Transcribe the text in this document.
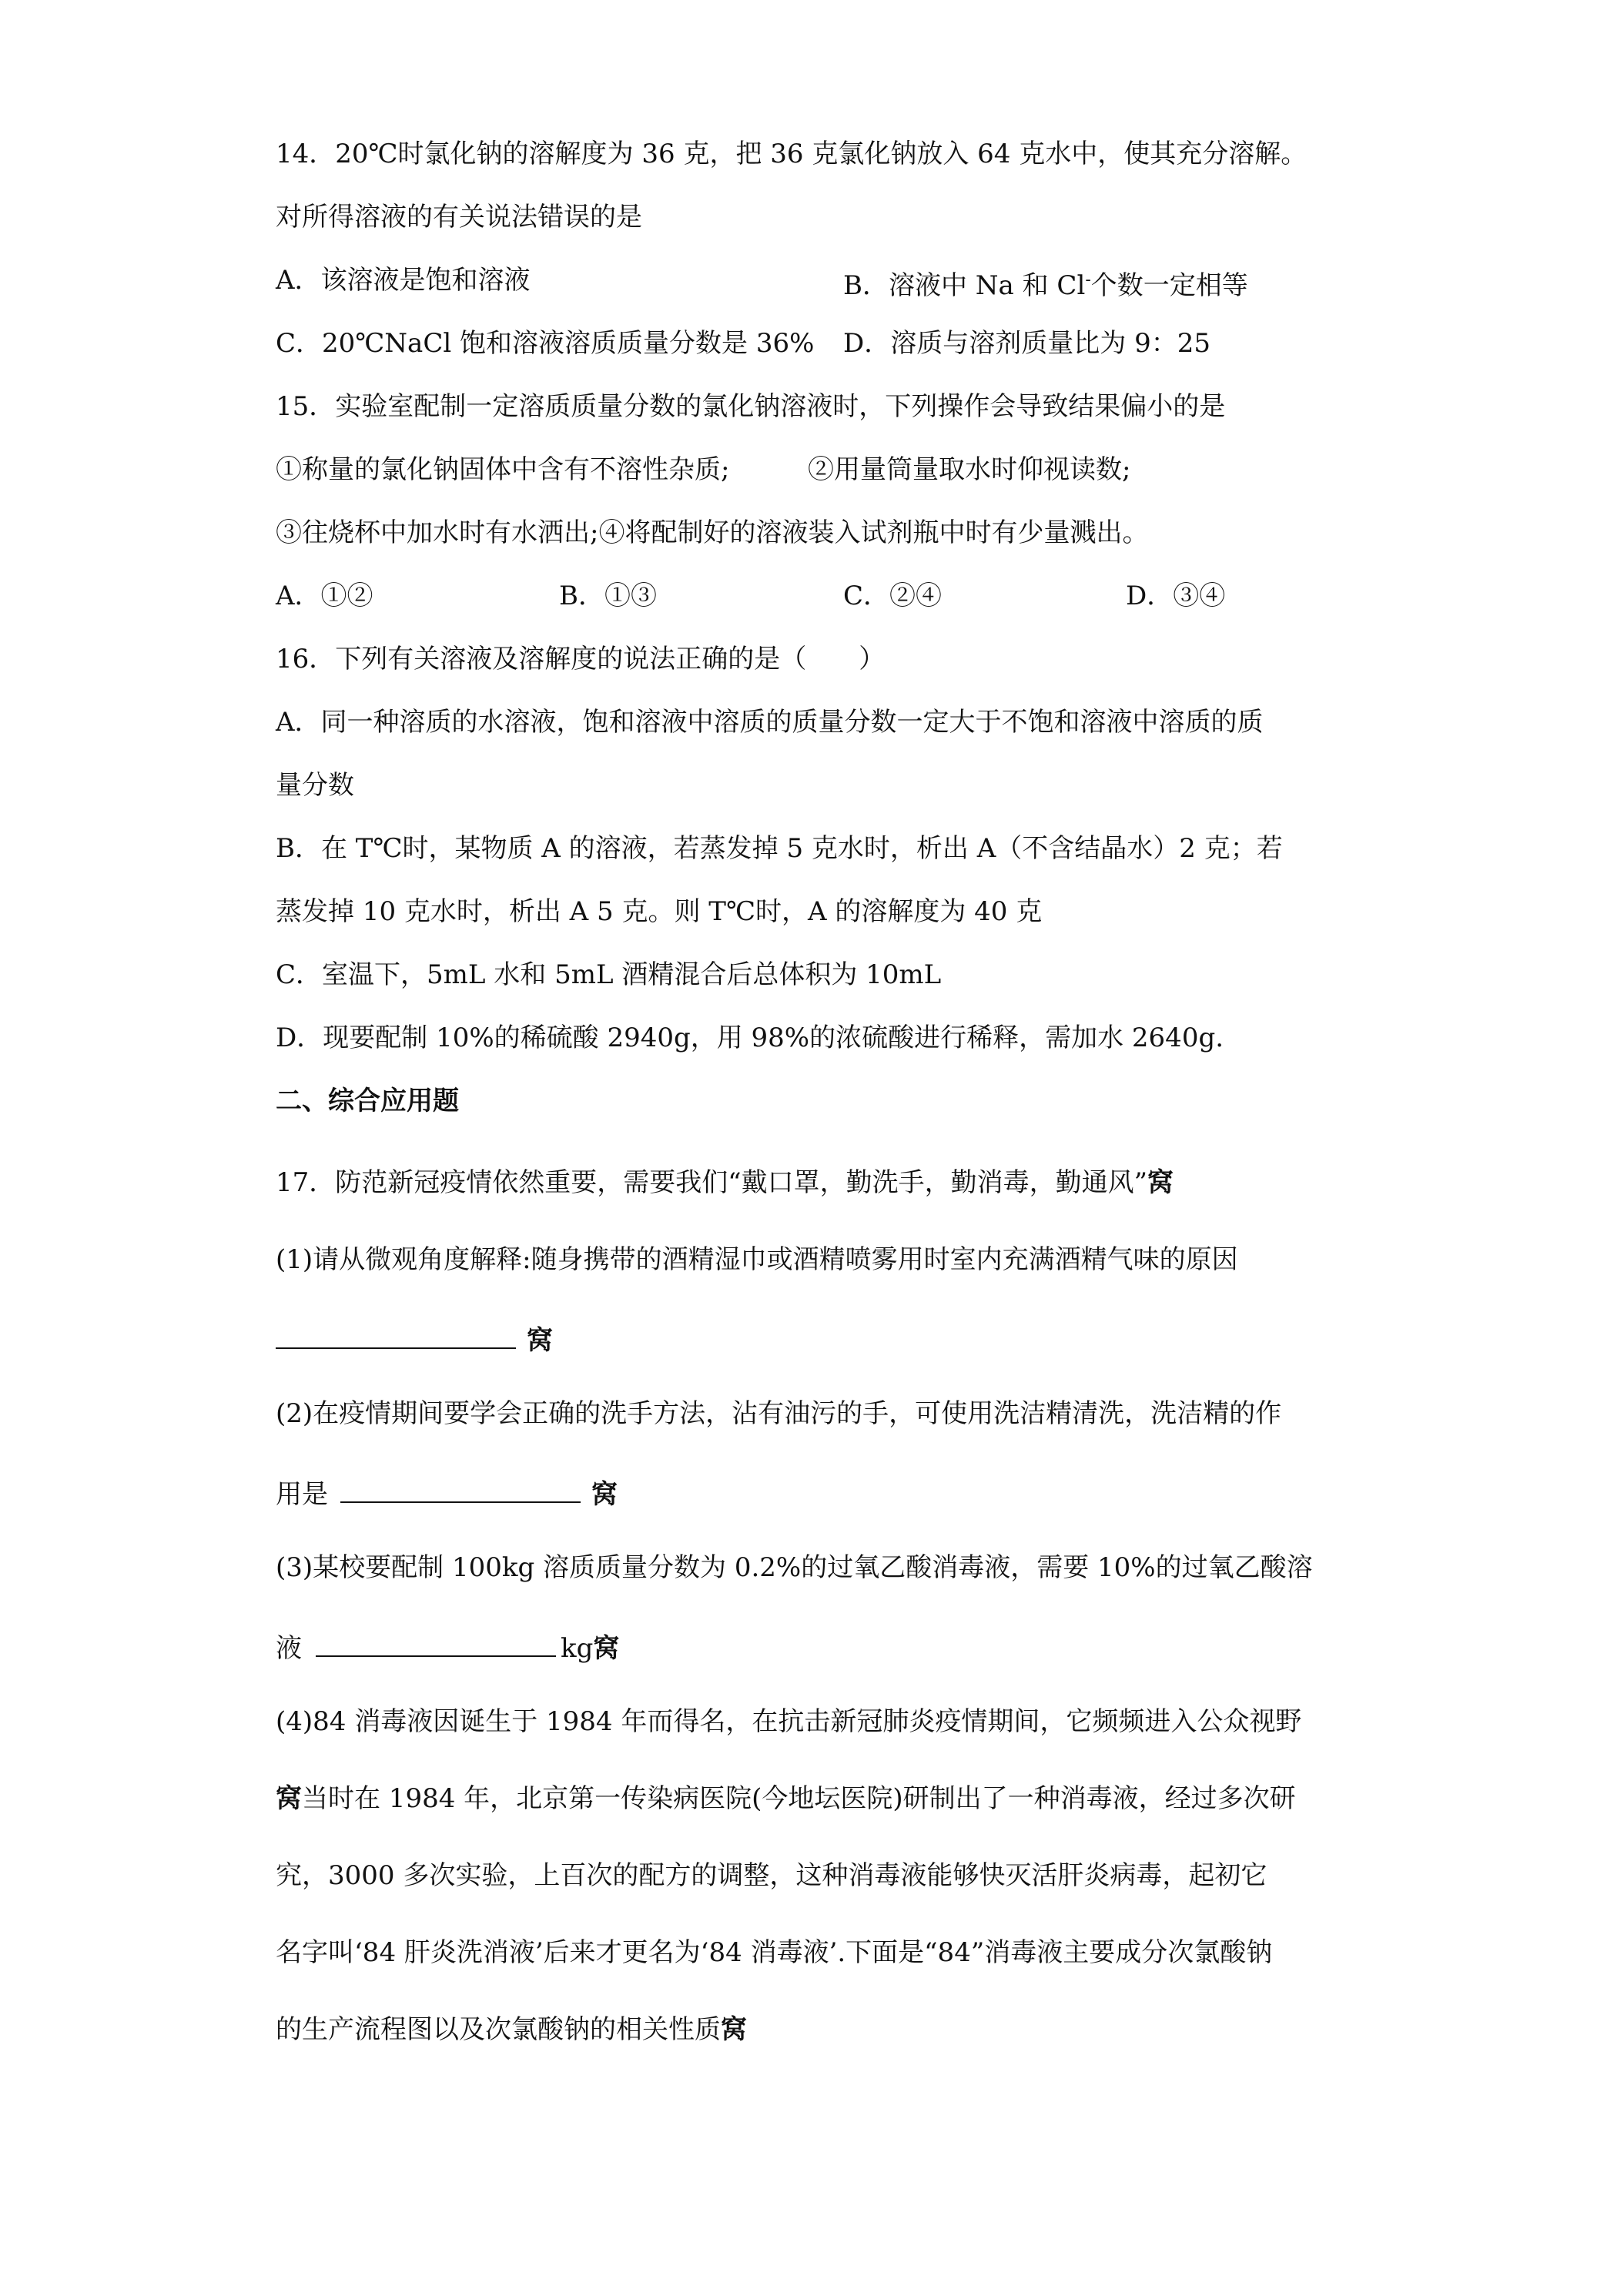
14．20℃时氯化钠的溶解度为 36 克，把 36 克氯化钠放入 64 克水中，使其充分溶解。

对所得溶液的有关说法错误的是

A．该溶液是饱和溶液	B．溶液中 Na 和 Cl-个数一定相等
C．20℃NaCl 饱和溶液溶质质量分数是 36% D．溶质与溶剂质量比为 9：25

15．实验室配制一定溶质质量分数的氯化钠溶液时，下列操作会导致结果偏小的是

①称量的氯化钠固体中含有不溶性杂质;	②用量筒量取水时仰视读数;

③往烧杯中加水时有水洒出;④将配制好的溶液装入试剂瓶中时有少量溅出。

A．①②	B．①③	C．②④	D．③④

16．下列有关溶液及溶解度的说法正确的是（　　）

A．同一种溶质的水溶液，饱和溶液中溶质的质量分数一定大于不饱和溶液中溶质的质

量分数

B．在 T℃时，某物质 A 的溶液，若蒸发掉 5 克水时，析出 A（不含结晶水）2 克；若

蒸发掉 10 克水时，析出 A 5 克。则 T℃时，A 的溶解度为 40 克

C．室温下，5mL 水和 5mL 酒精混合后总体积为 10mL

D．现要配制 10%的稀硫酸 2940g，用 98%的浓硫酸进行稀释，需加水 2640g.

二、综合应用题

17．防范新冠疫情依然重要，需要我们“戴口罩，勤洗手，勤消毒，勤通风”窝

(1)请从微观角度解释:随身携带的酒精湿巾或酒精喷雾用时室内充满酒精气味的原因

窝

(2)在疫情期间要学会正确的洗手方法，沾有油污的手，可使用洗洁精清洗，洗洁精的作

用是	窝

(3)某校要配制 100kg 溶质质量分数为 0.2%的过氧乙酸消毒液，需要 10%的过氧乙酸溶

液	kg窝

(4)84 消毒液因诞生于 1984 年而得名，在抗击新冠肺炎疫情期间，它频频进入公众视野

窝当时在 1984 年，北京第一传染病医院(今地坛医院)研制出了一种消毒液，经过多次研

究，3000 多次实验，上百次的配方的调整，这种消毒液能够快灭活肝炎病毒，起初它

名字叫‘84 肝炎洗消液’后来才更名为‘84 消毒液’.下面是“84”消毒液主要成分次氯酸钠

的生产流程图以及次氯酸钠的相关性质窝
